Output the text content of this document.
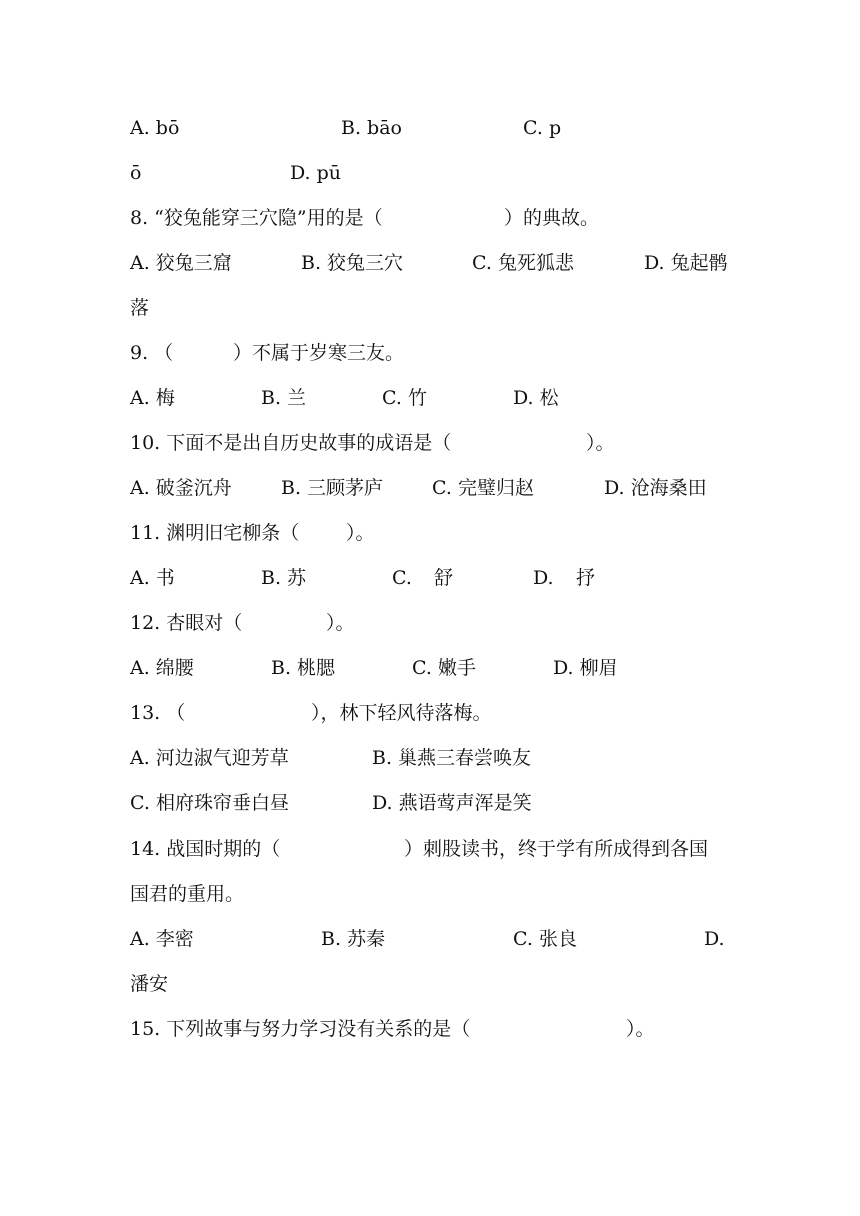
A. bō	B. bāo	C. p
ō	D. pū
8. “狡兔能穿三穴隐”用的是（	）的典故。
A. 狡兔三窟	B. 狡兔三穴	C. 兔死狐悲	D. 兔起鹘
落
9. （	）不属于岁寒三友。
A. 梅	B. 兰	C. 竹	D. 松
10. 下面不是出自历史故事的成语是（	）。
A. 破釜沉舟	B. 三顾茅庐	C. 完璧归赵	D. 沧海桑田
11. 渊明旧宅柳条（ ）。
A. 书	B. 苏	C. 舒	D. 抒
12. 杏眼对（	）。
A. 绵腰	B. 桃腮	C. 嫩手	D. 柳眉
13. （	），林下轻风待落梅。
A. 河边淑气迎芳草	B. 巢燕三春尝唤友
C. 相府珠帘垂白昼	D. 燕语莺声浑是笑
14. 战国时期的（	）刺股读书，终于学有所成得到各国
国君的重用。
A. 李密	B. 苏秦	C. 张良	D.
潘安
15. 下列故事与努力学习没有关系的是（	）。
